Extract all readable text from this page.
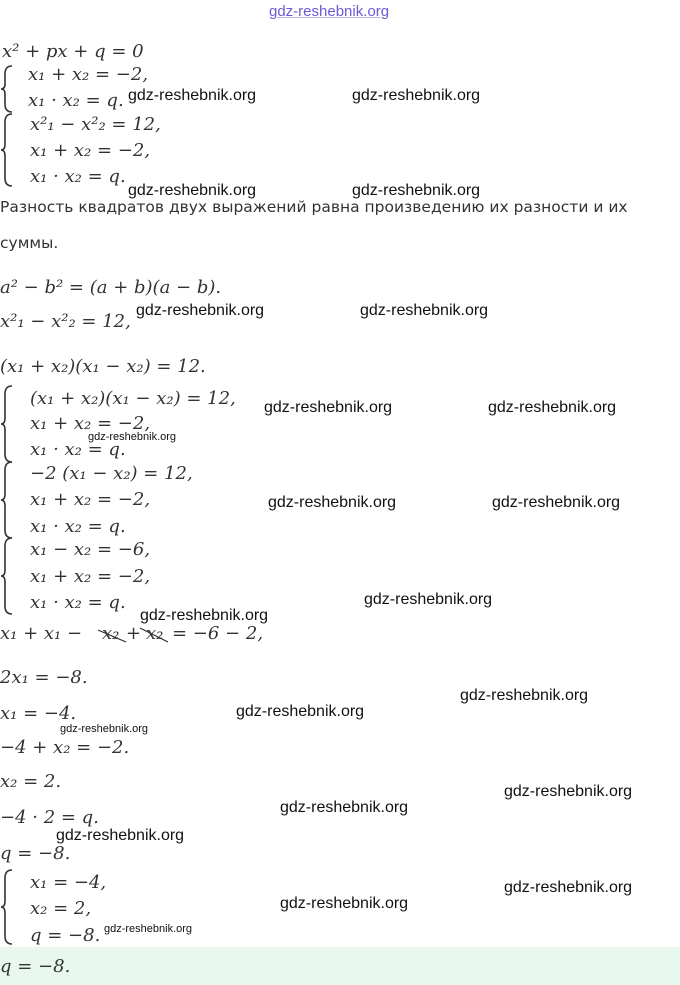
gdz-reshebnik.org
x² + px + q = 0
x₁ + x₂ = −2,
x₁ · x₂ = q.
x²₁ − x²₂ = 12,
x₁ + x₂ = −2,
x₁ · x₂ = q.
Разность квадратов двух выражений равна произведению их разности и их
суммы.
a² − b² = (a + b)(a − b).
x²₁ − x²₂ = 12,
(x₁ + x₂)(x₁ − x₂) = 12.
(x₁ + x₂)(x₁ − x₂) = 12,
x₁ + x₂ = −2,
x₁ · x₂ = q.
−2 (x₁ − x₂) = 12,
x₁ + x₂ = −2,
x₁ · x₂ = q.
x₁ − x₂ = −6,
x₁ + x₂ = −2,
x₁ · x₂ = q.
x₁ + x₁ − x₂ + x₂ = −6 − 2,
2x₁ = −8.
x₁ = −4.
−4 + x₂ = −2.
x₂ = 2.
−4 · 2 = q.
q = −8.
x₁ = −4,
x₂ = 2,
q = −8.
q = −8.
gdz-reshebnik.org	gdz-reshebnik.org
gdz-reshebnik.org	gdz-reshebnik.org
gdz-reshebnik.org	gdz-reshebnik.org
gdz-reshebnik.org	gdz-reshebnik.org
gdz-reshebnik.org
gdz-reshebnik.org	gdz-reshebnik.org
gdz-reshebnik.org
gdz-reshebnik.org
gdz-reshebnik.org
gdz-reshebnik.org
gdz-reshebnik.org
gdz-reshebnik.org
gdz-reshebnik.org
gdz-reshebnik.org
gdz-reshebnik.org
gdz-reshebnik.org
gdz-reshebnik.org
